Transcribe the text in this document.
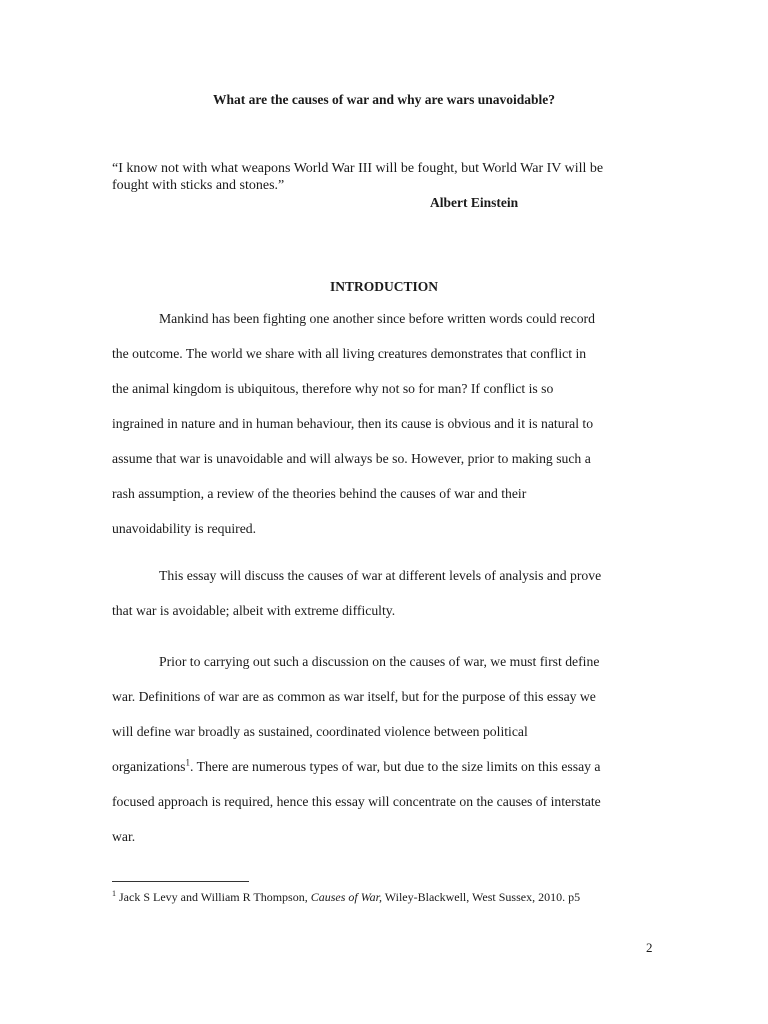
What are the causes of war and why are wars unavoidable?
“I know not with what weapons World War III will be fought, but World War IV will be
fought with sticks and stones.”
Albert Einstein
INTRODUCTION
Mankind has been fighting one another since before written words could record
the outcome. The world we share with all living creatures demonstrates that conflict in
the animal kingdom is ubiquitous, therefore why not so for man? If conflict is so
ingrained in nature and in human behaviour, then its cause is obvious and it is natural to
assume that war is unavoidable and will always be so. However, prior to making such a
rash assumption, a review of the theories behind the causes of war and their
unavoidability is required.
This essay will discuss the causes of war at different levels of analysis and prove
that war is avoidable; albeit with extreme difficulty.
Prior to carrying out such a discussion on the causes of war, we must first define
war. Definitions of war are as common as war itself, but for the purpose of this essay we
will define war broadly as sustained, coordinated violence between political
organizations$^1$. There are numerous types of war, but due to the size limits on this essay a
focused approach is required, hence this essay will concentrate on the causes of interstate
war.
$^1$ Jack S Levy and William R Thompson, Causes of War, Wiley-Blackwell, West Sussex, 2010. p5
2
